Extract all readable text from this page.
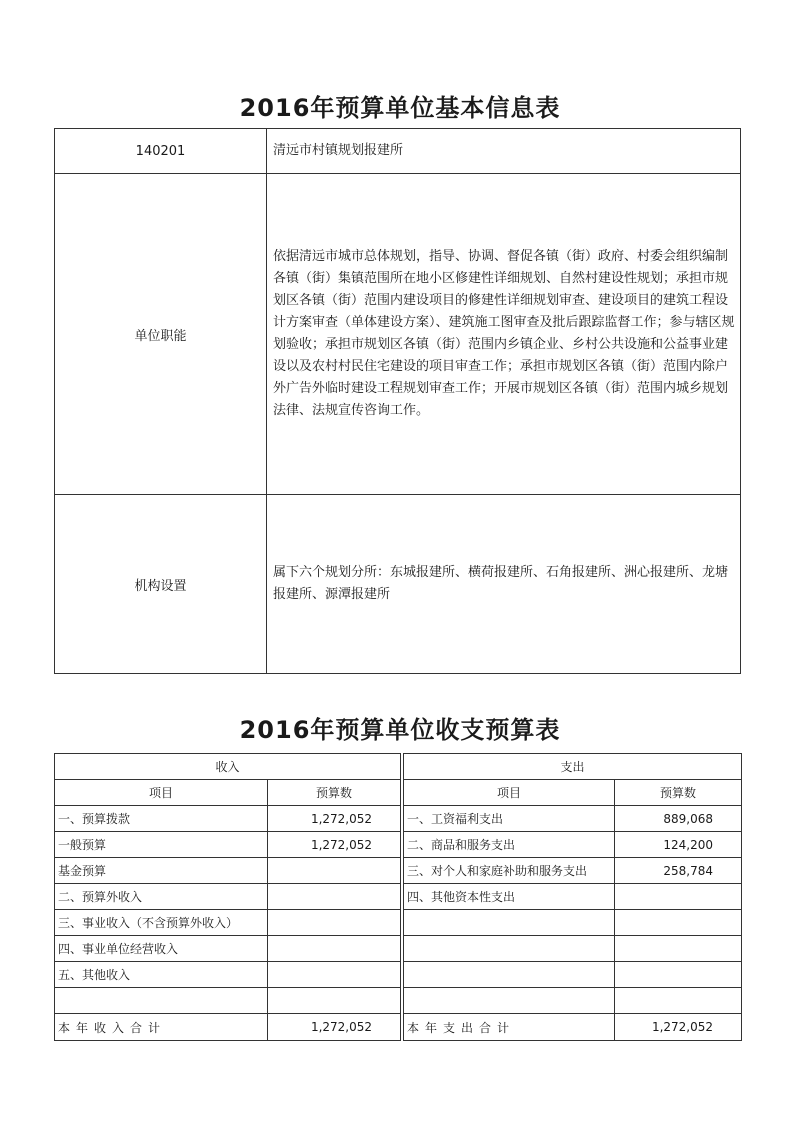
2016年预算单位基本信息表
140201	清远市村镇规划报建所
单位职能	依据清远市城市总体规划，指导、协调、督促各镇（街）政府、村委会组织编制各镇（街）集镇范围所在地小区修建性详细规划、自然村建设性规划；承担市规划区各镇（街）范围内建设项目的修建性详细规划审查、建设项目的建筑工程设计方案审查（单体建设方案）、建筑施工图审查及批后跟踪监督工作；参与辖区规划验收；承担市规划区各镇（街）范围内乡镇企业、乡村公共设施和公益事业建设以及农村村民住宅建设的项目审查工作；承担市规划区各镇（街）范围内除户外广告外临时建设工程规划审查工作；开展市规划区各镇（街）范围内城乡规划法律、法规宣传咨询工作。
机构设置	属下六个规划分所：东城报建所、横荷报建所、石角报建所、洲心报建所、龙塘报建所、源潭报建所
2016年预算单位收支预算表
收入			支出	
项目	预算数		项目	预算数
一、预算拨款	1,272,052		一、工资福利支出	889,068
一般预算	1,272,052		二、商品和服务支出	124,200
基金预算			三、对个人和家庭补助和服务支出	258,784
二、预算外收入			四、其他资本性支出	
三、事业收入（不含预算外收入）				
四、事业单位经营收入				
五、其他收入				

本年收入合计	1,272,052		本年支出合计	1,272,052
